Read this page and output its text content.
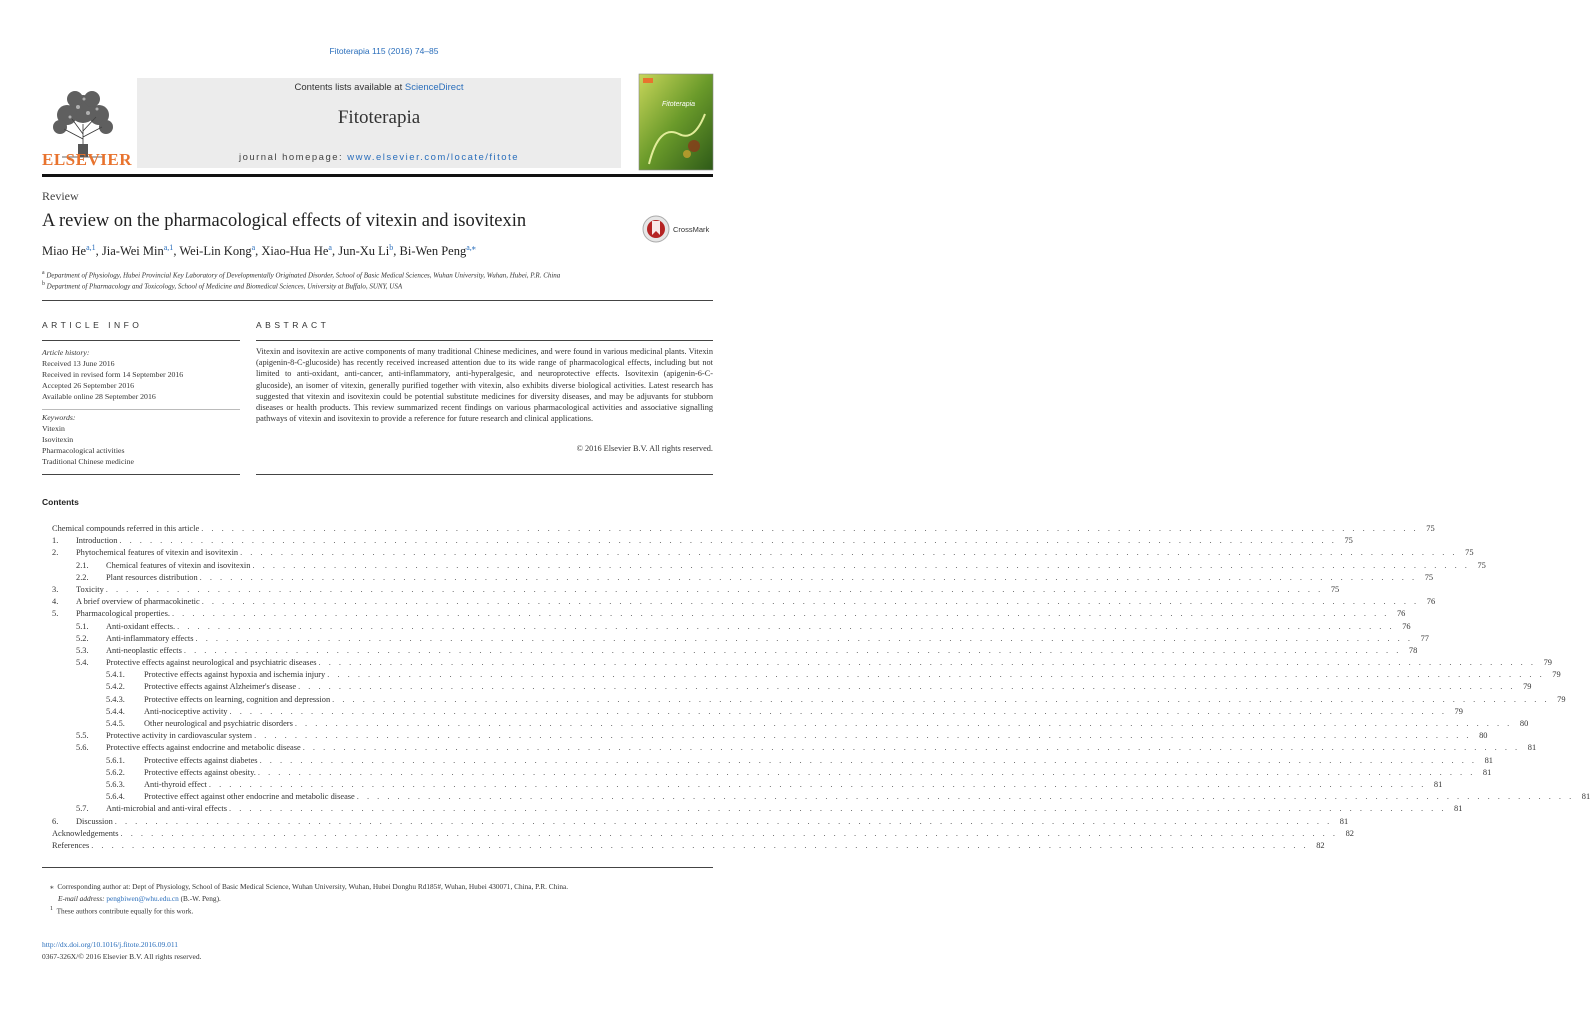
Fitoterapia 115 (2016) 74–85
ELSEVIER
Contents lists available at ScienceDirect
Fitoterapia
journal homepage: www.elsevier.com/locate/fitote
Fitoterapia
Review
A review on the pharmacological effects of vitexin and isovitexin	CrossMark
Miao He$^{a,1}$, Jia-Wei Min$^{a,1}$, Wei-Lin Kong$^a$, Xiao-Hua He$^a$, Jun-Xu Li$^b$, Bi-Wen Peng$^{a,⁎}$
$^a$ Department of Physiology, Hubei Provincial Key Laboratory of Developmentally Originated Disorder, School of Basic Medical Sciences, Wuhan University, Wuhan, Hubei, P.R. China
$^b$ Department of Pharmacology and Toxicology, School of Medicine and Biomedical Sciences, University at Buffalo, SUNY, USA
ARTICLE INFO
Article history:
Received 13 June 2016
Received in revised form 14 September 2016
Accepted 26 September 2016
Available online 28 September 2016
Keywords:
Vitexin
Isovitexin
Pharmacological activities
Traditional Chinese medicine
ABSTRACT
Vitexin and isovitexin are active components of many traditional Chinese medicines, and were found in various medicinal plants. Vitexin (apigenin-8-C-glucoside) has recently received increased attention due to its wide range of pharmacological effects, including but not limited to anti-oxidant, anti-cancer, anti-inflammatory, anti-hyperalgesic, and neuroprotective effects. Isovitexin (apigenin-6-C-glucoside), an isomer of vitexin, generally purified together with vitexin, also exhibits diverse biological activities. Latest research has suggested that vitexin and isovitexin could be potential substitute medicines for diversity diseases, and may be adjuvants for stubborn diseases or health products. This review summarized recent findings on various pharmacological activities and associative signalling pathways of vitexin and isovitexin to provide a reference for future research and clinical applications.
© 2016 Elsevier B.V. All rights reserved.
Contents
Chemical compounds referred in this article . . . . . . . . . . . . . . . . . . . . . . . . . . . . . . . . . . . . . . . . . . . . . . . . . . . . . . . . . . . . . . . . . . . . . . . . . . . . . . . . . . . . . . . . . . . . . . . . . . . . . . . . . . . . . . . . . . . . . . . . 75
1.	Introduction . . . . . . . . . . . . . . . . . . . . . . . . . . . . . . . . . . . . . . . . . . . . . . . . . . . . . . . . . . . . . . . . . . . . . . . . . . . . . . . . . . . . . . . . . . . . . . . . . . . . . . . . . . . . . . . . . . . . . . . . 75
2.	Phytochemical features of vitexin and isovitexin . . . . . . . . . . . . . . . . . . . . . . . . . . . . . . . . . . . . . . . . . . . . . . . . . . . . . . . . . . . . . . . . . . . . . . . . . . . . . . . . . . . . . . . . . . . . . . . . . . . . . . . . . . . . . . . . . . . . . . . . 75
2.1.	Chemical features of vitexin and isovitexin . . . . . . . . . . . . . . . . . . . . . . . . . . . . . . . . . . . . . . . . . . . . . . . . . . . . . . . . . . . . . . . . . . . . . . . . . . . . . . . . . . . . . . . . . . . . . . . . . . . . . . . . . . . . . . . . . . . . . . . . 75
2.2.	Plant resources distribution . . . . . . . . . . . . . . . . . . . . . . . . . . . . . . . . . . . . . . . . . . . . . . . . . . . . . . . . . . . . . . . . . . . . . . . . . . . . . . . . . . . . . . . . . . . . . . . . . . . . . . . . . . . . . . . . . . . . . . . . 75
3.	Toxicity . . . . . . . . . . . . . . . . . . . . . . . . . . . . . . . . . . . . . . . . . . . . . . . . . . . . . . . . . . . . . . . . . . . . . . . . . . . . . . . . . . . . . . . . . . . . . . . . . . . . . . . . . . . . . . . . . . . . . . . . 75
4.	A brief overview of pharmacokinetic . . . . . . . . . . . . . . . . . . . . . . . . . . . . . . . . . . . . . . . . . . . . . . . . . . . . . . . . . . . . . . . . . . . . . . . . . . . . . . . . . . . . . . . . . . . . . . . . . . . . . . . . . . . . . . . . . . . . . . . . 76
5.	Pharmacological properties. . . . . . . . . . . . . . . . . . . . . . . . . . . . . . . . . . . . . . . . . . . . . . . . . . . . . . . . . . . . . . . . . . . . . . . . . . . . . . . . . . . . . . . . . . . . . . . . . . . . . . . . . . . . . . . . . . . . . . . . . 76
5.1.	Anti-oxidant effects. . . . . . . . . . . . . . . . . . . . . . . . . . . . . . . . . . . . . . . . . . . . . . . . . . . . . . . . . . . . . . . . . . . . . . . . . . . . . . . . . . . . . . . . . . . . . . . . . . . . . . . . . . . . . . . . . . . . . . . . . 76
5.2.	Anti-inflammatory effects . . . . . . . . . . . . . . . . . . . . . . . . . . . . . . . . . . . . . . . . . . . . . . . . . . . . . . . . . . . . . . . . . . . . . . . . . . . . . . . . . . . . . . . . . . . . . . . . . . . . . . . . . . . . . . . . . . . . . . . . 77
5.3.	Anti-neoplastic effects . . . . . . . . . . . . . . . . . . . . . . . . . . . . . . . . . . . . . . . . . . . . . . . . . . . . . . . . . . . . . . . . . . . . . . . . . . . . . . . . . . . . . . . . . . . . . . . . . . . . . . . . . . . . . . . . . . . . . . . . 78
5.4.	Protective effects against neurological and psychiatric diseases . . . . . . . . . . . . . . . . . . . . . . . . . . . . . . . . . . . . . . . . . . . . . . . . . . . . . . . . . . . . . . . . . . . . . . . . . . . . . . . . . . . . . . . . . . . . . . . . . . . . . . . . . . . . . . . . . . . . . . . . 79
5.4.1.	Protective effects against hypoxia and ischemia injury . . . . . . . . . . . . . . . . . . . . . . . . . . . . . . . . . . . . . . . . . . . . . . . . . . . . . . . . . . . . . . . . . . . . . . . . . . . . . . . . . . . . . . . . . . . . . . . . . . . . . . . . . . . . . . . . . . . . . . . . 79
5.4.2.	Protective effects against Alzheimer's disease . . . . . . . . . . . . . . . . . . . . . . . . . . . . . . . . . . . . . . . . . . . . . . . . . . . . . . . . . . . . . . . . . . . . . . . . . . . . . . . . . . . . . . . . . . . . . . . . . . . . . . . . . . . . . . . . . . . . . . . . 79
5.4.3.	Protective effects on learning, cognition and depression . . . . . . . . . . . . . . . . . . . . . . . . . . . . . . . . . . . . . . . . . . . . . . . . . . . . . . . . . . . . . . . . . . . . . . . . . . . . . . . . . . . . . . . . . . . . . . . . . . . . . . . . . . . . . . . . . . . . . . . . 79
5.4.4.	Anti-nociceptive activity . . . . . . . . . . . . . . . . . . . . . . . . . . . . . . . . . . . . . . . . . . . . . . . . . . . . . . . . . . . . . . . . . . . . . . . . . . . . . . . . . . . . . . . . . . . . . . . . . . . . . . . . . . . . . . . . . . . . . . . . 79
5.4.5.	Other neurological and psychiatric disorders . . . . . . . . . . . . . . . . . . . . . . . . . . . . . . . . . . . . . . . . . . . . . . . . . . . . . . . . . . . . . . . . . . . . . . . . . . . . . . . . . . . . . . . . . . . . . . . . . . . . . . . . . . . . . . . . . . . . . . . . 80
5.5.	Protective activity in cardiovascular system . . . . . . . . . . . . . . . . . . . . . . . . . . . . . . . . . . . . . . . . . . . . . . . . . . . . . . . . . . . . . . . . . . . . . . . . . . . . . . . . . . . . . . . . . . . . . . . . . . . . . . . . . . . . . . . . . . . . . . . . 80
5.6.	Protective effects against endocrine and metabolic disease . . . . . . . . . . . . . . . . . . . . . . . . . . . . . . . . . . . . . . . . . . . . . . . . . . . . . . . . . . . . . . . . . . . . . . . . . . . . . . . . . . . . . . . . . . . . . . . . . . . . . . . . . . . . . . . . . . . . . . . . 81
5.6.1.	Protective effects against diabetes . . . . . . . . . . . . . . . . . . . . . . . . . . . . . . . . . . . . . . . . . . . . . . . . . . . . . . . . . . . . . . . . . . . . . . . . . . . . . . . . . . . . . . . . . . . . . . . . . . . . . . . . . . . . . . . . . . . . . . . . 81
5.6.2.	Protective effects against obesity. . . . . . . . . . . . . . . . . . . . . . . . . . . . . . . . . . . . . . . . . . . . . . . . . . . . . . . . . . . . . . . . . . . . . . . . . . . . . . . . . . . . . . . . . . . . . . . . . . . . . . . . . . . . . . . . . . . . . . . . . 81
5.6.3.	Anti-thyroid effect . . . . . . . . . . . . . . . . . . . . . . . . . . . . . . . . . . . . . . . . . . . . . . . . . . . . . . . . . . . . . . . . . . . . . . . . . . . . . . . . . . . . . . . . . . . . . . . . . . . . . . . . . . . . . . . . . . . . . . . . 81
5.6.4.	Protective effect against other endocrine and metabolic disease . . . . . . . . . . . . . . . . . . . . . . . . . . . . . . . . . . . . . . . . . . . . . . . . . . . . . . . . . . . . . . . . . . . . . . . . . . . . . . . . . . . . . . . . . . . . . . . . . . . . . . . . . . . . . . . . . . . . . . . . 81
5.7.	Anti-microbial and anti-viral effects . . . . . . . . . . . . . . . . . . . . . . . . . . . . . . . . . . . . . . . . . . . . . . . . . . . . . . . . . . . . . . . . . . . . . . . . . . . . . . . . . . . . . . . . . . . . . . . . . . . . . . . . . . . . . . . . . . . . . . . . 81
6.	Discussion . . . . . . . . . . . . . . . . . . . . . . . . . . . . . . . . . . . . . . . . . . . . . . . . . . . . . . . . . . . . . . . . . . . . . . . . . . . . . . . . . . . . . . . . . . . . . . . . . . . . . . . . . . . . . . . . . . . . . . . . 81
Acknowledgements . . . . . . . . . . . . . . . . . . . . . . . . . . . . . . . . . . . . . . . . . . . . . . . . . . . . . . . . . . . . . . . . . . . . . . . . . . . . . . . . . . . . . . . . . . . . . . . . . . . . . . . . . . . . . . . . . . . . . . . . 82
References . . . . . . . . . . . . . . . . . . . . . . . . . . . . . . . . . . . . . . . . . . . . . . . . . . . . . . . . . . . . . . . . . . . . . . . . . . . . . . . . . . . . . . . . . . . . . . . . . . . . . . . . . . . . . . . . . . . . . . . . 82
⁎ Corresponding author at: Dept of Physiology, School of Basic Medical Science, Wuhan University, Wuhan, Hubei Donghu Rd185#, Wuhan, Hubei 430071, China, P.R. China.
E-mail address: pengbiwen@whu.edu.cn (B.-W. Peng).
$^1$ These authors contribute equally for this work.
http://dx.doi.org/10.1016/j.fitote.2016.09.011
0367-326X/© 2016 Elsevier B.V. All rights reserved.
